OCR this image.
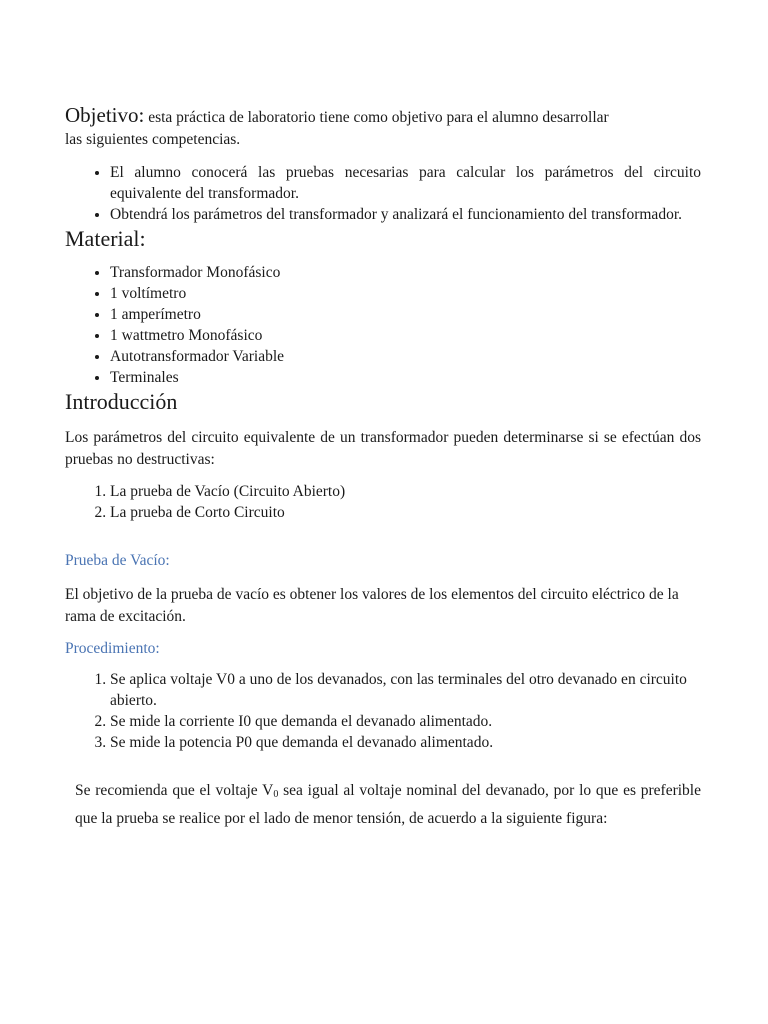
Objetivo: esta práctica de laboratorio tiene como objetivo para el alumno desarrollar

las siguientes competencias.

• El alumno conocerá las pruebas necesarias para calcular los parámetros del circuito equivalente del transformador.
• Obtendrá los parámetros del transformador y analizará el funcionamiento del transformador.
Material:
• Transformador Monofásico
• 1 voltímetro
• 1 amperímetro
• 1 wattmetro Monofásico
• Autotransformador Variable
• Terminales
Introducción

Los parámetros del circuito equivalente de un transformador pueden determinarse si se efectúan dos pruebas no destructivas:

1. La prueba de Vacío (Circuito Abierto)
2. La prueba de Corto Circuito

Prueba de Vacío:

El objetivo de la prueba de vacío es obtener los valores de los elementos del circuito eléctrico de la rama de excitación.

Procedimiento:

1. Se aplica voltaje V0 a uno de los devanados, con las terminales del otro devanado en circuito abierto.
2. Se mide la corriente I0 que demanda el devanado alimentado.
3. Se mide la potencia P0 que demanda el devanado alimentado.

Se recomienda que el voltaje $V_0$ sea igual al voltaje nominal del devanado, por lo que es preferible que la prueba se realice por el lado de menor tensión, de acuerdo a la siguiente figura:
